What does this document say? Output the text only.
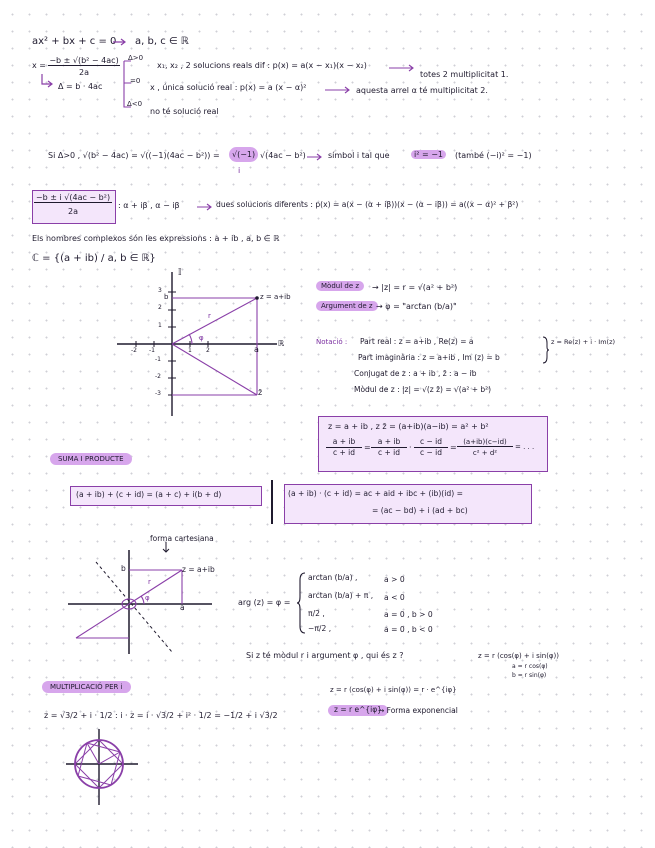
ax² + bx + c = 0 a, b, c ∈ ℝ
x =
−b ± √(b² − 4ac)
2a
Δ = b · 4ac
Δ>0
x₁, x₂ , 2 solucions reals dif : p(x) = a(x − x₁)(x − x₂)
totes 2 multiplicitat 1.
=0
x , única solució real : p(x) = a (x − α)²	aquesta arrel α té multiplicitat 2.
Δ<0
no té solució real
Si Δ>0 , √(b² − 4ac) = √((−1)(4ac − b²)) =	√(−1)
i
√(4ac − b²)	símbol i tal que	i² = −1	(també (−i)² = −1)
−b ± i √(4ac − b²)
2a
: α + iβ , α − iβ	dues solucions diferents : p(x) = a(x − (α + iβ))(x − (α − iβ)) = a((x − α)² + β²)
Els nombres complexos són les expressions : a + ib , a, b ∈ ℝ
ℂ = {(a + ib) / a, b ∈ ℝ}
𝕀
ℝ
z = a+ib
z̄
b
a
r
φ
3
2
1
-1
-2
-3
-2 -1	1 2
Mòdul de z	→ |z| = r = √(a² + b²)
Argument de z → φ = "arctan (b/a)"
Notació : Part real : z = a+ib , Re(z) = a
Part imaginària : z = a+ib , Im (z) = b
Conjugat de z : a + ib , z̄ : a − ib
Mòdul de z : |z| = √(z z̄) = √(a² + b²)
z = Re(z) + i · Im(z)
z = a + ib , z z̄ = (a+ib)(a−ib) = a² + b²
a + ib
c + id
=
a + ib
c + id
·
c − id
c − id
=
(a+ib)(c−id)
c² + d²
= . . .
SUMA I PRODUCTE
(a + ib) + (c + id) = (a + c) + i(b + d)	(a + ib) · (c + id) = ac + aid + ibc + (ib)(id) =
= (ac − bd) + i (ad + bc)
forma cartesiana
z = a+ib
b
a
r
φ	arg (z) = φ =
arctan (b/a) ,	a > 0
arctan (b/a) + π , a < 0
π/2 ,	a = 0 , b > 0
−π/2 ,	a = 0 , b < 0
Si z té mòdul r i argument φ , qui és z ?	z = r (cos(φ) + i sin(φ))
a = r cos(φ)
b = r sin(φ)
z = r (cos(φ) + i sin(φ)) = r · e^{iφ}
z = r e^{iφ}
→ Forma exponencial
MULTIPLICACIÓ PER i
z = √3/2 + i · 1/2 : i · z = i · √3/2 + i² · 1/2 = −1/2 + i √3/2
